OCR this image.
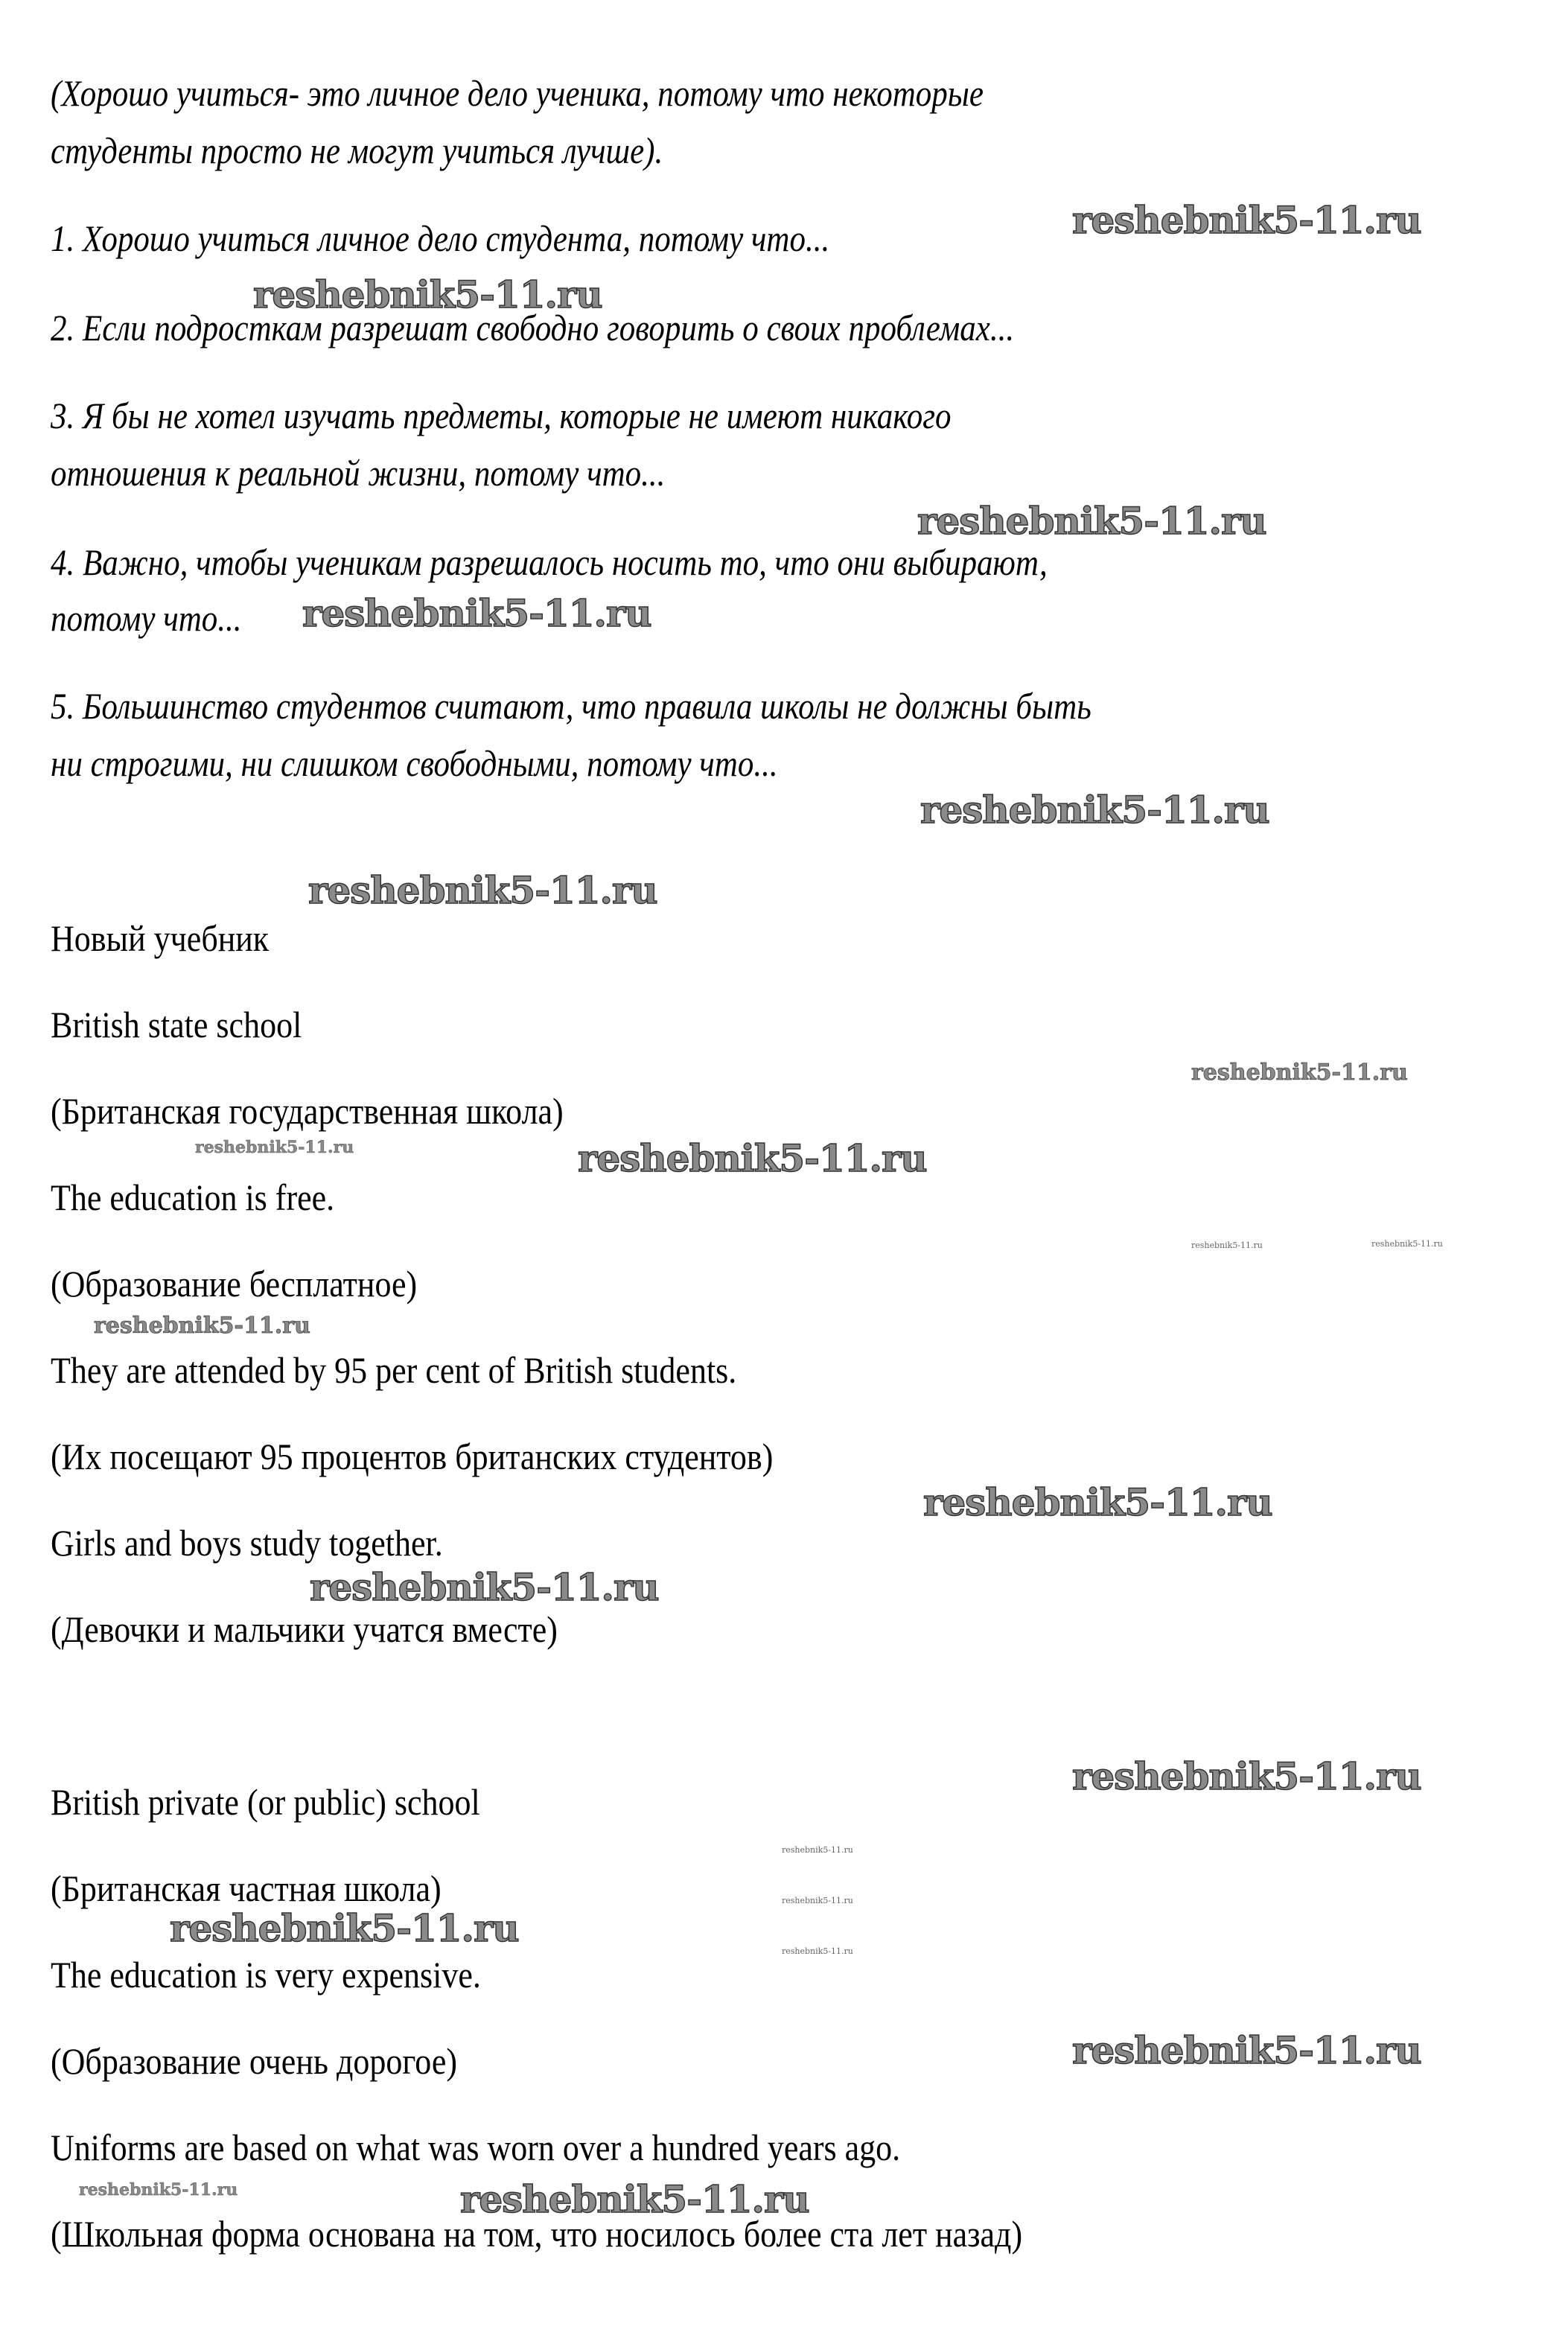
(Хорошо учиться- это личное дело ученика, потому что некоторые
студенты просто не могут учиться лучше).
1. Хорошо учиться личное дело студента, потому что...
2. Если подросткам разрешат свободно говорить о своих проблемах...
3. Я бы не хотел изучать предметы, которые не имеют никакого
отношения к реальной жизни, потому что...
4. Важно, чтобы ученикам разрешалось носить то, что они выбирают,
потому что...
5. Большинство студентов считают, что правила школы не должны быть
ни строгими, ни слишком свободными, потому что...
Новый учебник
British state school
(Британская государственная школа)
The education is free.
(Образование бесплатное)
They are attended by 95 per cent of British students.
(Их посещают 95 процентов британских студентов)
Girls and boys study together.
(Девочки и мальчики учатся вместе)
British private (or public) school
(Британская частная школа)
The education is very expensive.
(Образование очень дорогое)
Uniforms are based on what was worn over a hundred years ago.
(Школьная форма основана на том, что носилось более ста лет назад)
reshebnik5-11.ru
reshebnik5-11.ru
reshebnik5-11.ru
reshebnik5-11.ru
reshebnik5-11.ru
reshebnik5-11.ru
reshebnik5-11.ru
reshebnik5-11.ru	reshebnik5-11.ru
reshebnik5-11.ru	reshebnik5-11.ru
reshebnik5-11.ru
reshebnik5-11.ru
reshebnik5-11.ru
reshebnik5-11.ru
reshebnik5-11.ru
reshebnik5-11.ru
reshebnik5-11.ru
reshebnik5-11.ru
reshebnik5-11.ru
reshebnik5-11.ru	reshebnik5-11.ru
